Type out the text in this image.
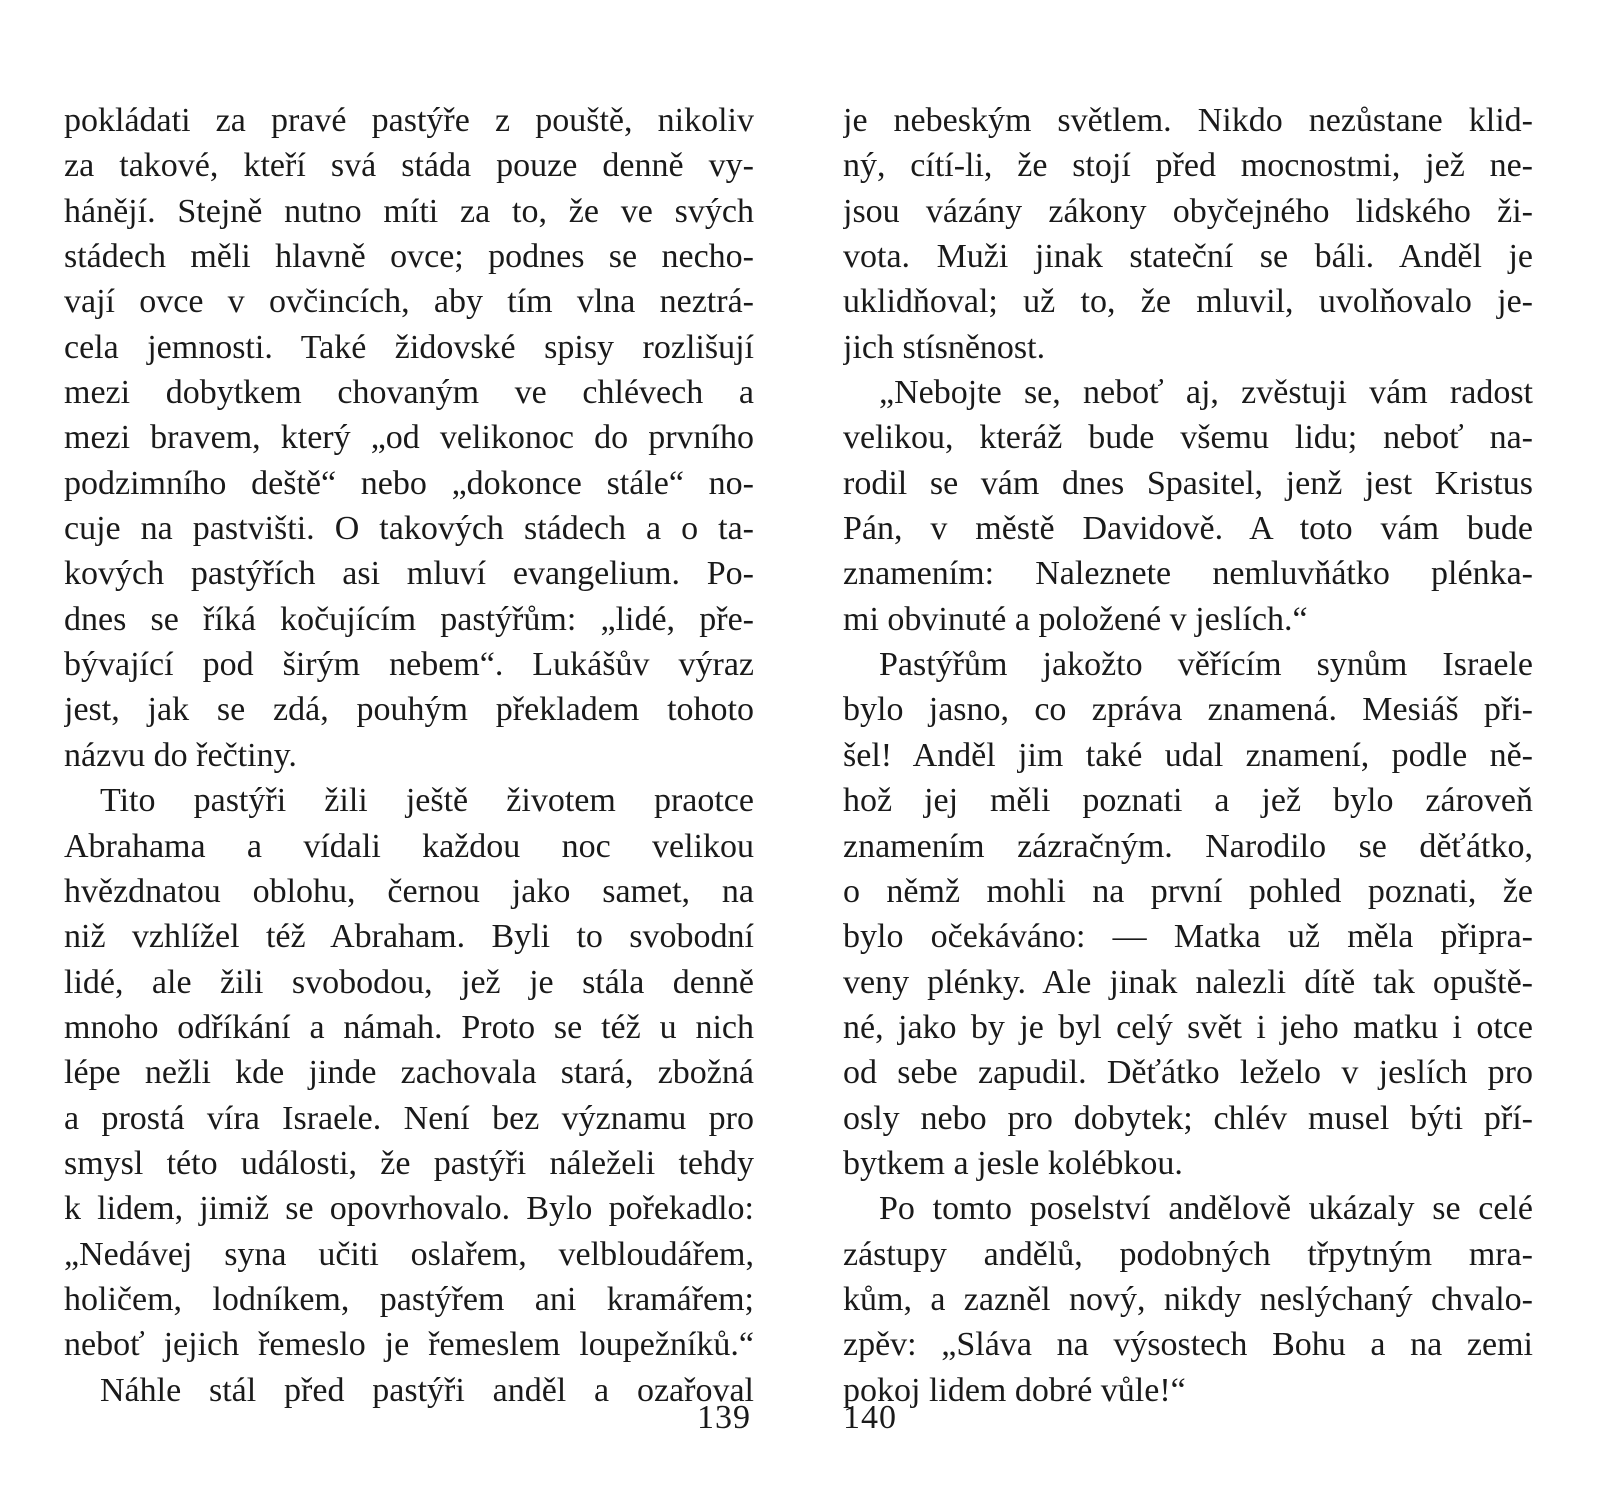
pokládati za pravé pastýře z pouště, nikoliv
za takové, kteří svá stáda pouze denně vy-
hánějí. Stejně nutno míti za to, že ve svých
stádech měli hlavně ovce; podnes se necho-
vají ovce v ovčincích, aby tím vlna neztrá-
cela jemnosti. Také židovské spisy rozlišují
mezi dobytkem chovaným ve chlévech a
mezi bravem, který „od velikonoc do prvního
podzimního deště“ nebo „dokonce stále“ no-
cuje na pastvišti. O takových stádech a o ta-
kových pastýřích asi mluví evangelium. Po-
dnes se říká kočujícím pastýřům: „lidé, pře-
bývající pod širým nebem“. Lukášův výraz
jest, jak se zdá, pouhým překladem tohoto
názvu do řečtiny.
Tito pastýři žili ještě životem praotce
Abrahama a vídali každou noc velikou
hvězdnatou oblohu, černou jako samet, na
niž vzhlížel též Abraham. Byli to svobodní
lidé, ale žili svobodou, jež je stála denně
mnoho odříkání a námah. Proto se též u nich
lépe nežli kde jinde zachovala stará, zbožná
a prostá víra Israele. Není bez významu pro
smysl této události, že pastýři náleželi tehdy
k lidem, jimiž se opovrhovalo. Bylo pořekadlo:
„Nedávej syna učiti oslařem, velbloudářem,
holičem, lodníkem, pastýřem ani kramářem;
neboť jejich řemeslo je řemeslem loupežníků.“
Náhle stál před pastýři anděl a ozařoval
139
je nebeským světlem. Nikdo nezůstane klid-
ný, cítí-li, že stojí před mocnostmi, jež ne-
jsou vázány zákony obyčejného lidského ži-
vota. Muži jinak stateční se báli. Anděl je
uklidňoval; už to, že mluvil, uvolňovalo je-
jich stísněnost.
„Nebojte se, neboť aj, zvěstuji vám radost
velikou, kteráž bude všemu lidu; neboť na-
rodil se vám dnes Spasitel, jenž jest Kristus
Pán, v městě Davidově. A toto vám bude
znamením: Naleznete nemluvňátko plénka-
mi obvinuté a položené v jeslích.“
Pastýřům jakožto věřícím synům Israele
bylo jasno, co zpráva znamená. Mesiáš při-
šel! Anděl jim také udal znamení, podle ně-
hož jej měli poznati a jež bylo zároveň
znamením zázračným. Narodilo se děťátko,
o němž mohli na první pohled poznati, že
bylo očekáváno: — Matka už měla připra-
veny plénky. Ale jinak nalezli dítě tak opuště-
né, jako by je byl celý svět i jeho matku i otce
od sebe zapudil. Děťátko leželo v jeslích pro
osly nebo pro dobytek; chlév musel býti pří-
bytkem a jesle kolébkou.
Po tomto poselství andělově ukázaly se celé
zástupy andělů, podobných třpytným mra-
kům, a zazněl nový, nikdy neslýchaný chvalo-
zpěv: „Sláva na výsostech Bohu a na zemi
pokoj lidem dobré vůle!“
140
